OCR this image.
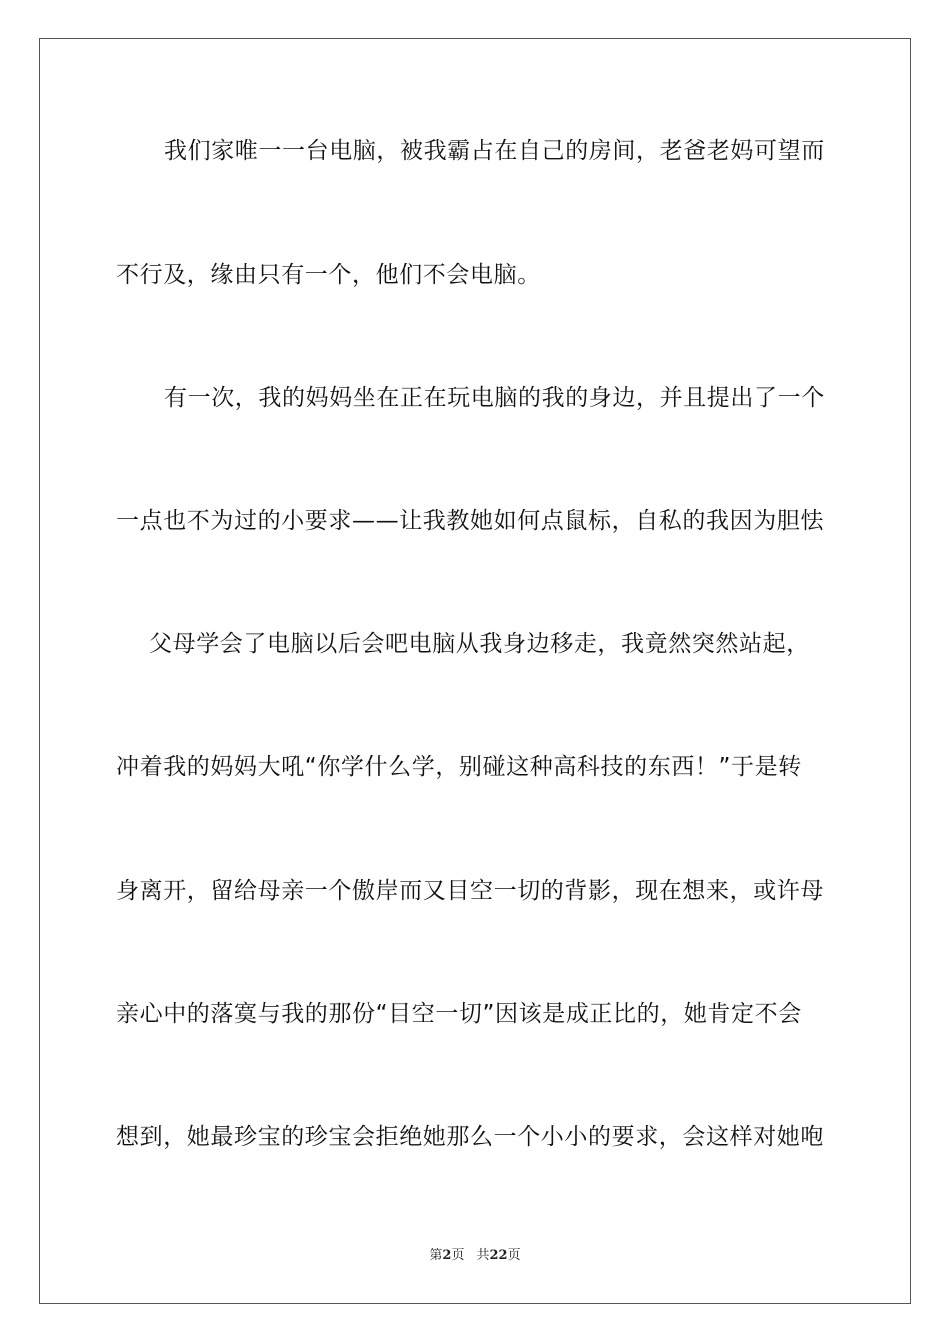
我们家唯一一台电脑，被我霸占在自己的房间，老爸老妈可望而
不行及，缘由只有一个，他们不会电脑。
有一次，我的妈妈坐在正在玩电脑的我的身边，并且提出了一个
一点也不为过的小要求——让我教她如何点鼠标，自私的我因为胆怯
父母学会了电脑以后会吧电脑从我身边移走，我竟然突然站起，
冲着我的妈妈大吼“你学什么学，别碰这种高科技的东西！”于是转
身离开，留给母亲一个傲岸而又目空一切的背影，现在想来，或许母
亲心中的落寞与我的那份“目空一切”因该是成正比的，她肯定不会
想到，她最珍宝的珍宝会拒绝她那么一个小小的要求，会这样对她咆
第2页 共22页
